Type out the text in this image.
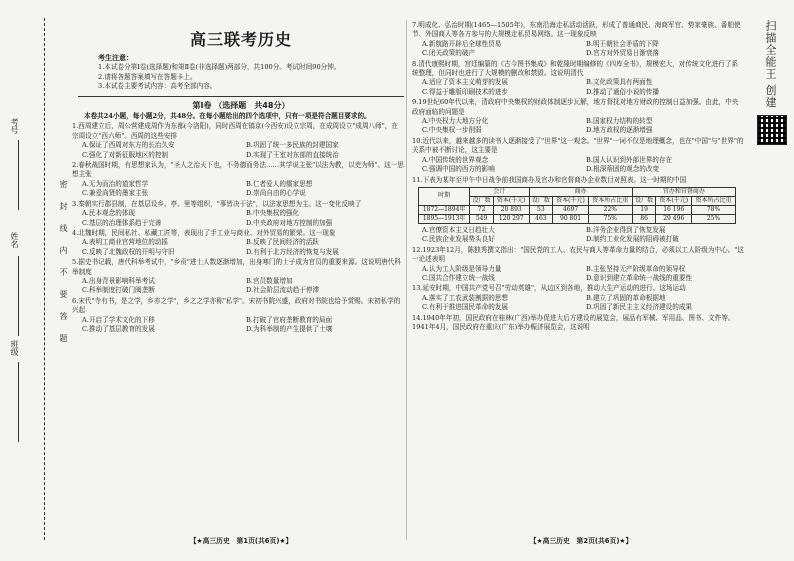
考号
姓名
班级	密封线内不要答题
高三联考历史
考生注意：
1.本试卷分第Ⅰ卷(选择题)和第Ⅱ卷(非选择题)两部分，共100分。考试时间90分钟。
2.请将各题答案填写在答题卡上。
3.本试卷主要考试内容：高考全部内容。
第Ⅰ卷 （选择题　共48分）
本卷共24小题，每小题2分，共48分。在每小题给出的四个选项中，只有一项是符合题目要求的。
1.西周建立后，周公营建成周作为东都(今洛阳)，同时西周在镐京(今西安)设立宗周，在成周设立"成周八师"，在宗周设立"西六师"。西周的这些安排
A.保证了西周对东方的长治久安	B.巩固了统一多民族的封建国家
C.强化了对新征服地区的控制	D.实现了王室对东部的直接统治
2.春秋战国时期，有思想家认为，"圣人之治天下也，不务德而务法……其学说主张"以法为教，以吏为师"。这一思想主张
A.无为而治的道家哲学	B.仁者爱人的儒家思想
C.兼爱尚贤的墨家主张	D.崇尚自由的心学说
3.秦朝实行郡县制，在基层设乡、亭、里等组织，"事皆决于法"，以法家思想为主。这一变化反映了
A.民本观念的体现	B.中央集权的强化
C.基层的治理体系趋于完善	D.中央政府对地方控制的加强
4.北魏时期，民间私社、私藏工匠等，表现出了手工业与商业、对外贸易的繁荣。这一现象
A.表明工商业官营地位的动摇	B.反映了民间经济的活跃
C.反映了北魏政权的开明与守旧	D.有利于北方经济的恢复与发展
5.据史书记载，唐代科举考试中，"乡贡"进士人数逐渐增加，出身寒门的士子成为官员的重要来源。这说明唐代科举制度
A.出身背景影响科举考试	B.官员数量增加
C.科举制度打破门阀垄断	D.社会阶层流动趋于停滞
6.宋代"寺有书，是之学，乡亦之学"，乡之之学亦称"私学"。宋初书院兴盛，政府对书院也给予赏赐。宋初私学的兴起
A.开启了学术文化的下移	B.打破了官府垄断教育的局面
C.推动了基层教育的发展	D.为科举制的产生提供了土壤
【★高三历史　第1页(共6页)★】
7.明成化、弘治时期(1465—1505年)，东南沿海走私活动活跃，形成了普通商民、海商军官、势家豪族、番舶使节、外国商人等各方参与的大规模走私贸易网络。这一现象反映
A.新航路开辟后全球性贸易	B.明王朝社会矛盾的下降
C.闭关政策的破产	D.官方对外贸易日渐衰落
8.清代康熙时期，宫廷编纂的《古今图书集成》和乾隆时期编修的《四库全书》，规模宏大，对传统文化进行了系统整理，但同时也进行了大规模的删改和禁毁。这说明清代
A.适应了资本主义萌芽的发展	B.文化政策具有两面性
C.得益于雕版印刷技术的进步	D.推动了通俗小说的传播
9.19世纪60年代以来，清政府中央集权的财政体制逐步瓦解，地方督抚对地方财政的控制日益加强。由此，中央政府面临的问题是
A.中央权力大地方分化	B.国家权力结构的转型
C.中央集权一步削弱	D.地方政权的逐渐增强
10.近代以来，越来越多的读书人逐渐接受了"世界"这一观念。"世界"一词不仅是地理概念，也在"中国"与"世界"的关系中被不断讨论，这主要是
A.中国传统的世界观念	B.国人认识到外部世界的存在
C.强调中国的西方的影响	D.根深蒂固的观念的改变
11.下表为某年至甲午中日战争前我国商办及官办和官督商办企业数目对照表。这一时期的中国
时期	会计		商办			官办和官督商办		
	设厂数	资本(千元)	设厂数	资本(千元)	资本所占比重	设厂数	资本(千元)	资本所占比重
1872—1894年	72	20 893	53	4697	22%	19	16 196	78%
1895—1913年	549	120 297	463	90 801	75%	86	29 496	25%
A.官僚资本主义日趋壮大	B.洋务企业得到了恢复发展
C.民族企业发展势头良好	D.制约工业化发展的阻碍被打破
12.1923年12月，陈独秀撰文指出："国民党的工人、农民与商人等革命力量的结合，必须以工人阶级为中心。"这一论述表明
A.认为工人阶级是领导力量	B.主张坚持无产阶级革命的领导权
C.国共合作建立统一战线	D.意识到建立革命统一战线的重要性
13.延安时期，中国共产党号召"劳动英雄"，从边区到各地，推动大生产运动的进行。这场运动
A.落实了工农武装割据的思想	B.建立了巩固的革命根据地
C.有利于推进国民革命的发展	D.巩固了新民主主义经济建设的成果
14.1940年年初，国民政府在桂林(广西)举办促进大后方建设的展览会，展品有军械、军用品、图书、文件等。1941年4月，国民政府在重庆(广东)举办赈济展览会，这说明
【★高三历史　第2页(共6页)★】
扫描全能王 创建
